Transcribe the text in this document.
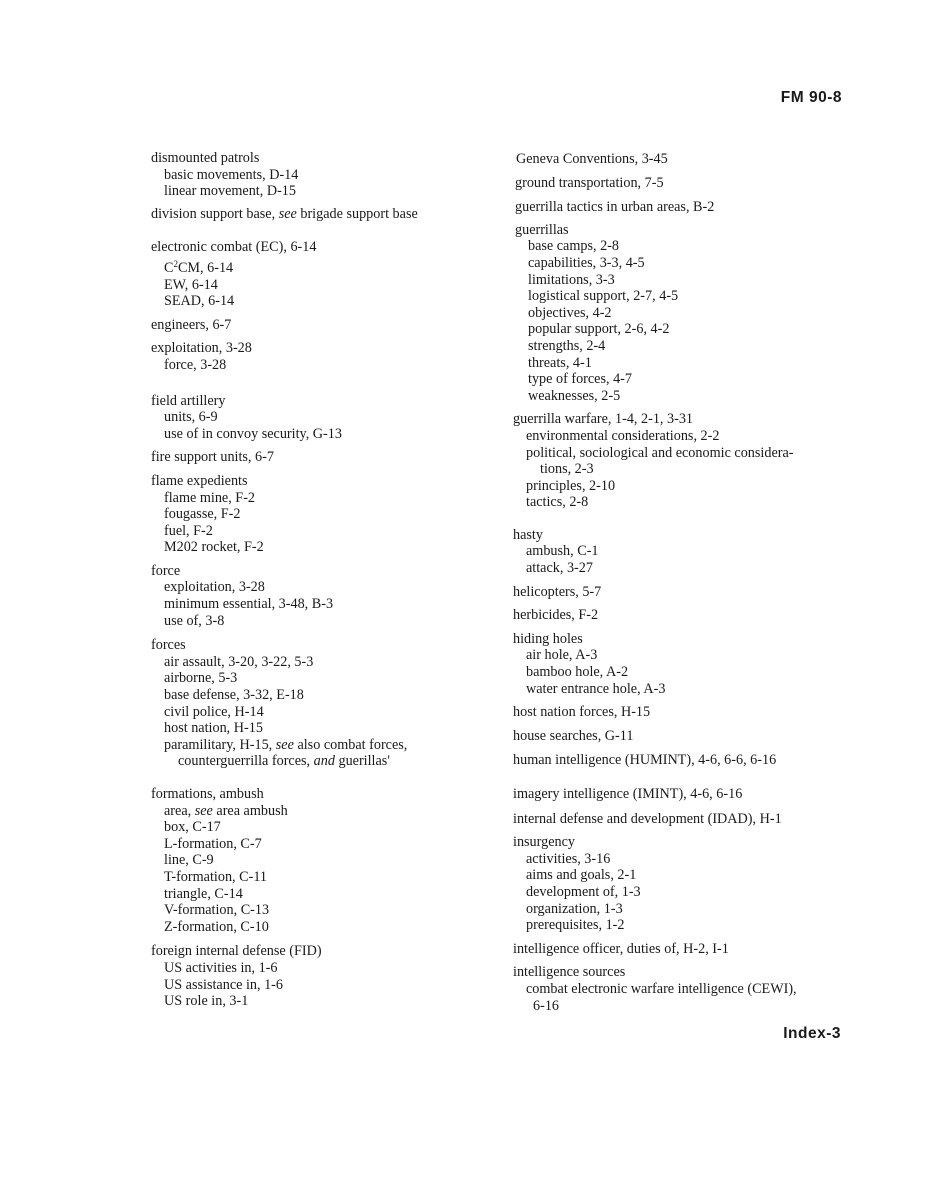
FM 90-8
dismounted patrols
basic movements, D-14
linear movement, D-15
division support base, see brigade support base
electronic combat (EC), 6-14
$C^2CM$, 6-14
EW, 6-14
SEAD, 6-14
engineers, 6-7
exploitation, 3-28
force, 3-28
field artillery
units, 6-9
use of in convoy security, G-13
fire support units, 6-7
flame expedients
flame mine, F-2
fougasse, F-2
fuel, F-2
M202 rocket, F-2
force
exploitation, 3-28
minimum essential, 3-48, B-3
use of, 3-8
forces
air assault, 3-20, 3-22, 5-3
airborne, 5-3
base defense, 3-32, E-18
civil police, H-14
host nation, H-15
paramilitary, H-15, see also combat forces,
counterguerrilla forces, and guerillas'
formations, ambush
area, see area ambush
box, C-17
L-formation, C-7
line, C-9
T-formation, C-11
triangle, C-14
V-formation, C-13
Z-formation, C-10
foreign internal defense (FID)
US activities in, 1-6
US assistance in, 1-6
US role in, 3-1
Geneva Conventions, 3-45
ground transportation, 7-5
guerrilla tactics in urban areas, B-2
guerrillas
base camps, 2-8
capabilities, 3-3, 4-5
limitations, 3-3
logistical support, 2-7, 4-5
objectives, 4-2
popular support, 2-6, 4-2
strengths, 2-4
threats, 4-1
type of forces, 4-7
weaknesses, 2-5
guerrilla warfare, 1-4, 2-1, 3-31
environmental considerations, 2-2
political, sociological and economic considera-
tions, 2-3
principles, 2-10
tactics, 2-8
hasty
ambush, C-1
attack, 3-27
helicopters, 5-7
herbicides, F-2
hiding holes
air hole, A-3
bamboo hole, A-2
water entrance hole, A-3
host nation forces, H-15
house searches, G-11
human intelligence (HUMINT), 4-6, 6-6, 6-16
imagery intelligence (IMINT), 4-6, 6-16
internal defense and development (IDAD), H-1
insurgency
activities, 3-16
aims and goals, 2-1
development of, 1-3
organization, 1-3
prerequisites, 1-2
intelligence officer, duties of, H-2, I-1
intelligence sources
combat electronic warfare intelligence (CEWI),
6-16
Index-3
